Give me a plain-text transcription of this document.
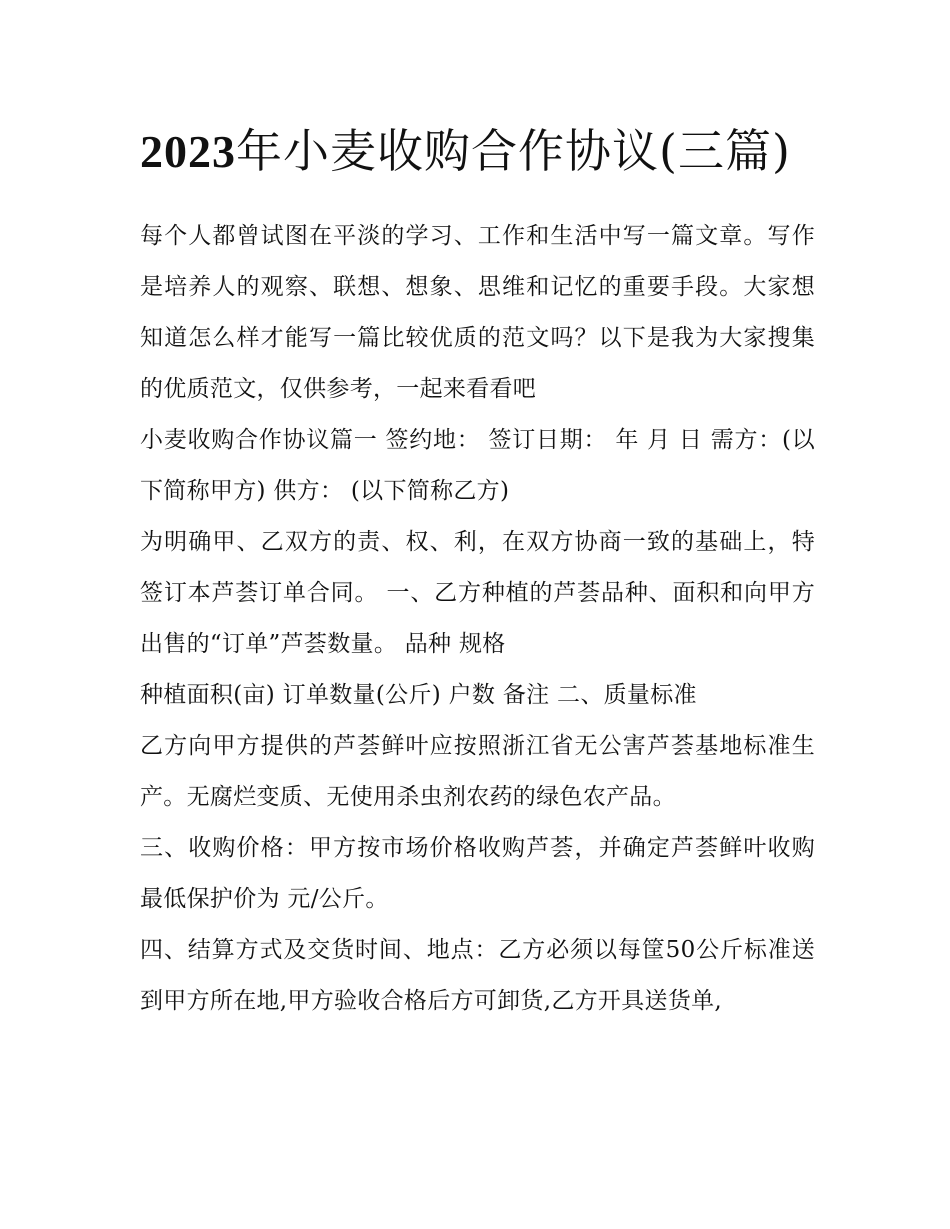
2023年小麦收购合作协议(三篇)

每个人都曾试图在平淡的学习、工作和生活中写一篇文章。写作是培养人的观察、联想、想象、思维和记忆的重要手段。大家想知道怎么样才能写一篇比较优质的范文吗？以下是我为大家搜集的优质范文，仅供参考，一起来看看吧

小麦收购合作协议篇一 签约地： 签订日期： 年 月 日 需方：(以下简称甲方) 供方： (以下简称乙方)

为明确甲、乙双方的责、权、利，在双方协商一致的基础上，特签订本芦荟订单合同。 一、乙方种植的芦荟品种、面积和向甲方出售的“订单”芦荟数量。 品种 规格

种植面积(亩) 订单数量(公斤) 户数 备注 二、质量标准

乙方向甲方提供的芦荟鲜叶应按照浙江省无公害芦荟基地标准生产。无腐烂变质、无使用杀虫剂农药的绿色农产品。

三、收购价格：甲方按市场价格收购芦荟，并确定芦荟鲜叶收购最低保护价为 元/公斤。

四、结算方式及交货时间、地点：乙方必须以每筐50公斤标准送到甲方所在地,甲方验收合格后方可卸货,乙方开具送货单,
